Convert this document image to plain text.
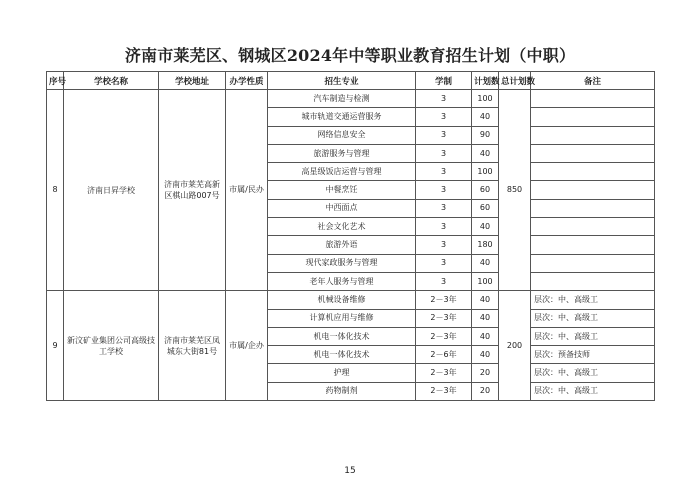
济南市莱芜区、钢城区2024年中等职业教育招生计划（中职）
序号	学校名称	学校地址	办学性质	招生专业	学制	计划数	总计划数	备注
8	济南日昇学校	济南市莱芜高新区棋山路007号	市属/民办	汽车制造与检测	3	100	850	
				城市轨道交通运营服务	3	40		
				网络信息安全	3	90		
				旅游服务与管理	3	40		
				高星级饭店运营与管理	3	100		
				中餐烹饪	3	60		
				中西面点	3	60		
				社会文化艺术	3	40		
				旅游外语	3	180		
				现代家政服务与管理	3	40		
				老年人服务与管理	3	100		
9	新汶矿业集团公司高级技工学校	济南市莱芜区凤城东大街81号	市属/企办	机械设备维修	2－3年	40	200	层次：中、高级工
				计算机应用与维修	2－3年	40		层次：中、高级工
				机电一体化技术	2－3年	40		层次：中、高级工
				机电一体化技术	2－6年	40		层次：预备技师
				护理	2－3年	20		层次：中、高级工
				药物制剂	2－3年	20		层次：中、高级工
15
